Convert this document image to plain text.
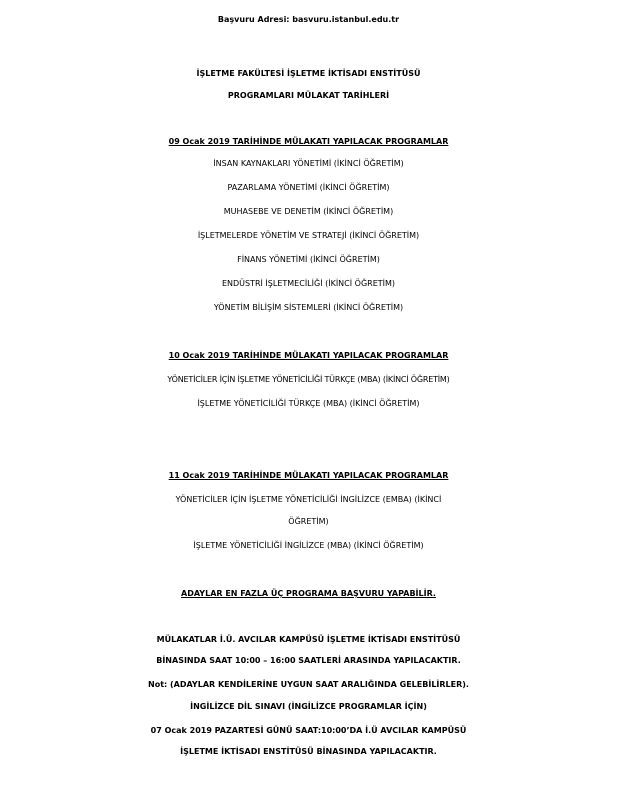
Başvuru Adresi: basvuru.istanbul.edu.tr
İŞLETME FAKÜLTESİ İŞLETME İKTİSADI ENSTİTÜSÜ
PROGRAMLARI MÜLAKAT TARİHLERİ
09 Ocak 2019 TARİHİNDE MÜLAKATI YAPILACAK PROGRAMLAR
İNSAN KAYNAKLARI YÖNETİMİ (İKİNCİ ÖĞRETİM)
PAZARLAMA YÖNETİMİ (İKİNCİ ÖĞRETİM)
MUHASEBE VE DENETİM (İKİNCİ ÖĞRETİM)
İŞLETMELERDE YÖNETİM VE STRATEJİ (İKİNCİ ÖĞRETİM)
FİNANS YÖNETİMİ (İKİNCİ ÖĞRETİM)
ENDÜSTRİ İŞLETMECİLİĞİ (İKİNCİ ÖĞRETİM)
YÖNETİM BİLİŞİM SİSTEMLERİ (İKİNCİ ÖĞRETİM)
10 Ocak 2019 TARİHİNDE MÜLAKATI YAPILACAK PROGRAMLAR
YÖNETİCİLER İÇİN İŞLETME YÖNETİCİLİĞİ TÜRKÇE (MBA) (İKİNCİ ÖĞRETİM)
İŞLETME YÖNETİCİLİĞİ TÜRKÇE (MBA) (İKİNCİ ÖĞRETİM)
11 Ocak 2019 TARİHİNDE MÜLAKATI YAPILACAK PROGRAMLAR
YÖNETİCİLER İÇİN İŞLETME YÖNETİCİLİĞİ İNGİLİZCE (EMBA) (İKİNCİ
ÖĞRETİM)
İŞLETME YÖNETİCİLİĞİ İNGİLİZCE (MBA) (İKİNCİ ÖĞRETİM)
ADAYLAR EN FAZLA ÜÇ PROGRAMA BAŞVURU YAPABİLİR.
MÜLAKATLAR İ.Ü. AVCILAR KAMPÜSÜ İŞLETME İKTİSADI ENSTİTÜSÜ
BİNASINDA SAAT 10:00 – 16:00 SAATLERİ ARASINDA YAPILACAKTIR.
Not: (ADAYLAR KENDİLERİNE UYGUN SAAT ARALIĞINDA GELEBİLİRLER).
İNGİLİZCE DİL SINAVI (İNGİLİZCE PROGRAMLAR İÇİN)
07 Ocak 2019 PAZARTESİ GÜNÜ SAAT:10:00’DA İ.Ü AVCILAR KAMPÜSÜ
İŞLETME İKTİSADI ENSTİTÜSÜ BİNASINDA YAPILACAKTIR.
